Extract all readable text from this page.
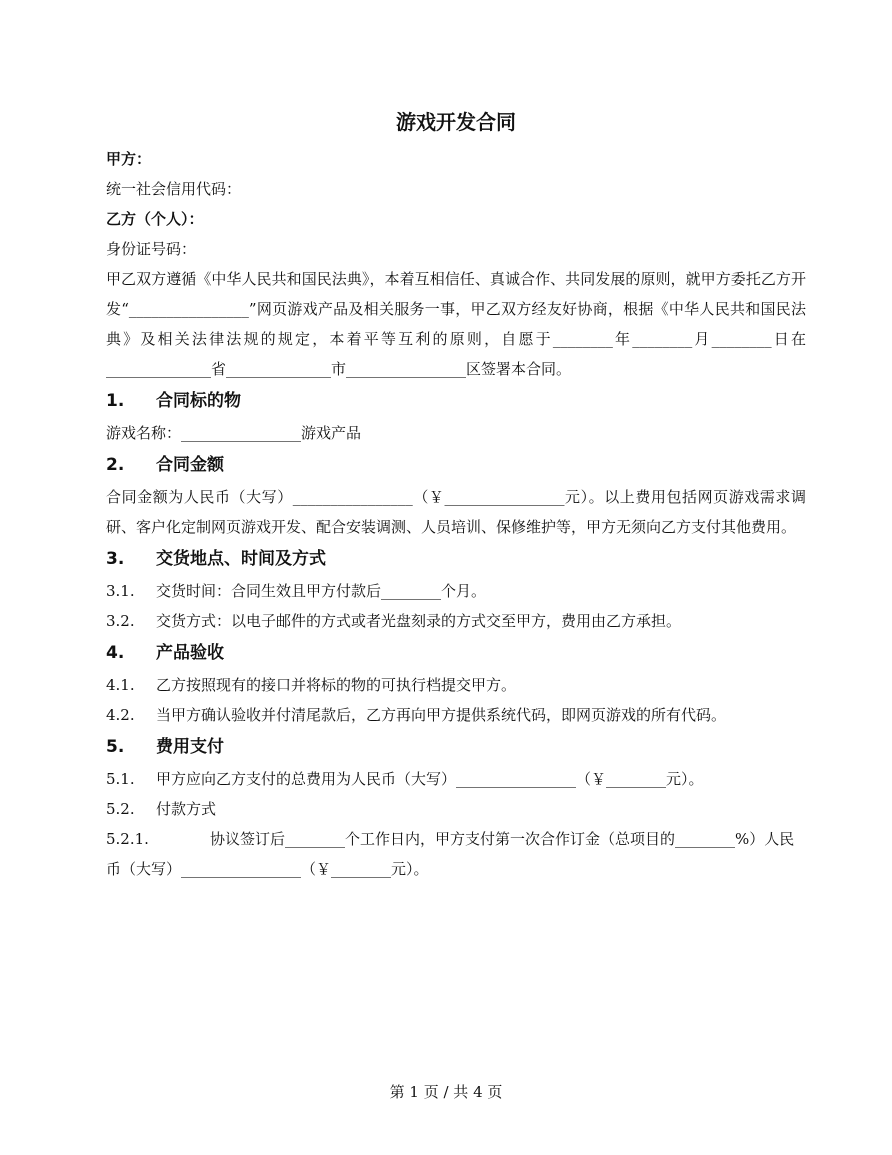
游戏开发合同
甲方：
统一社会信用代码：
乙方（个人）：
身份证号码：
甲乙双方遵循《中华人民共和国民法典》，本着互相信任、真诚合作、共同发展的原则，就甲方委托乙方开发“________________”网页游戏产品及相关服务一事，甲乙双方经友好协商，根据《中华人民共和国民法典》及相关法律法规的规定，本着平等互利的原则，自愿于________年________月________日在______________省______________市________________区签署本合同。
1. 合同标的物
游戏名称：________________游戏产品
2. 合同金额
合同金额为人民币（大写）________________（￥________________元）。以上费用包括网页游戏需求调研、客户化定制网页游戏开发、配合安装调测、人员培训、保修维护等，甲方无须向乙方支付其他费用。
3. 交货地点、时间及方式
3.1. 交货时间：合同生效且甲方付款后________个月。
3.2. 交货方式：以电子邮件的方式或者光盘刻录的方式交至甲方，费用由乙方承担。
4. 产品验收
4.1. 乙方按照现有的接口并将标的物的可执行档提交甲方。
4.2. 当甲方确认验收并付清尾款后，乙方再向甲方提供系统代码，即网页游戏的所有代码。
5. 费用支付
5.1. 甲方应向乙方支付的总费用为人民币（大写）________________（￥________元）。
5.2. 付款方式
5.2.1.	协议签订后________个工作日内，甲方支付第一次合作订金（总项目的________%）人民币（大写）________________（￥________元）。
第 1 页 / 共 4 页
